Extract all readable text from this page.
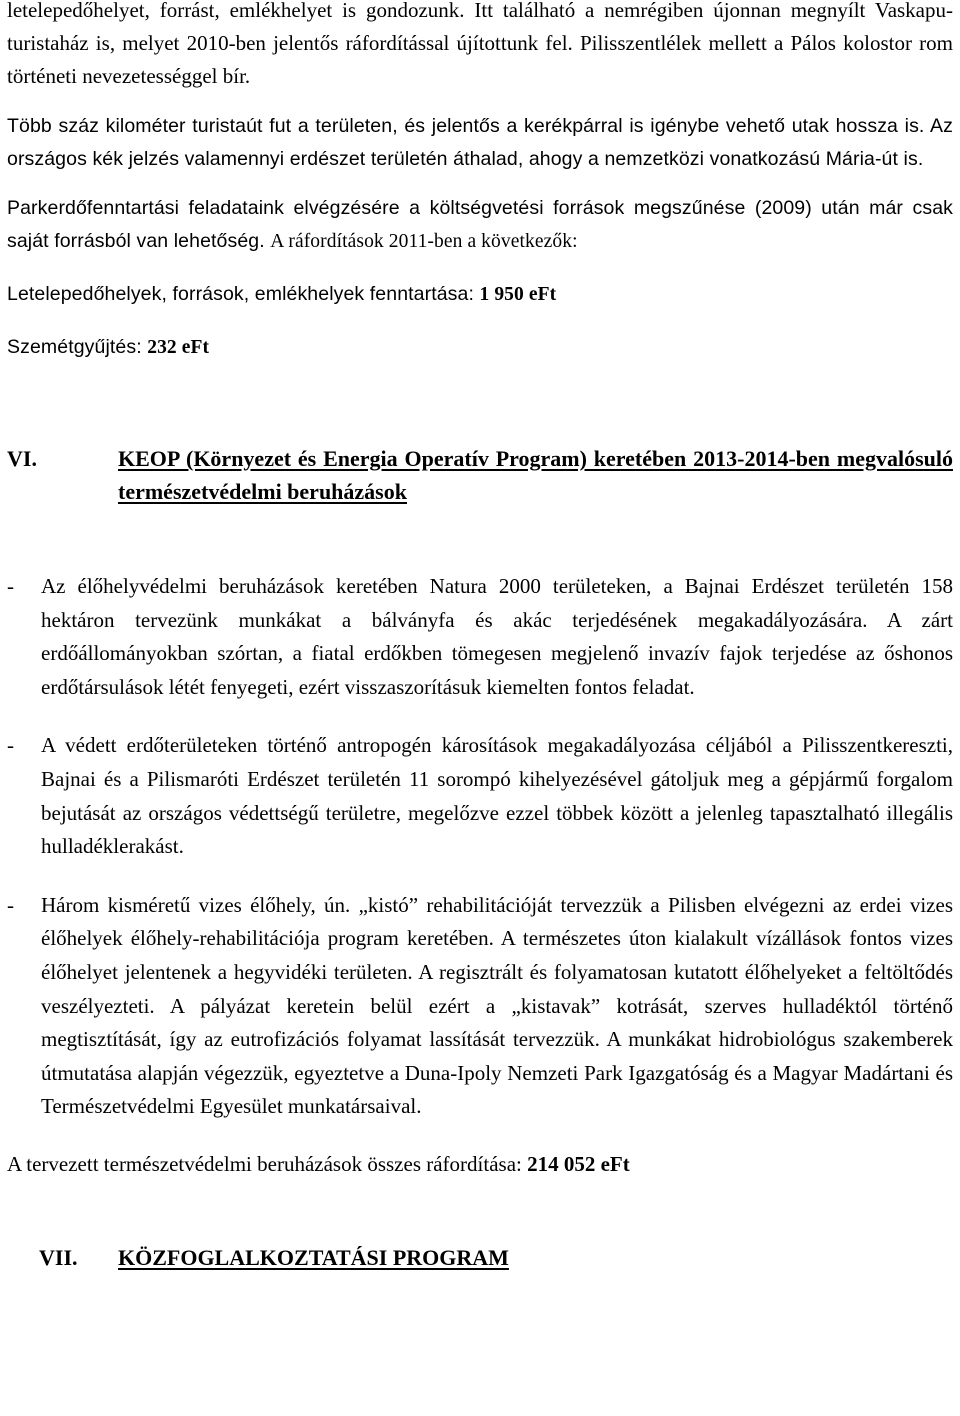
letelepedőhelyet, forrást, emlékhelyet is gondozunk. Itt található a nemrégiben újonnan megnyílt Vaskapu-turistaház is, melyet 2010-ben jelentős ráfordítással újítottunk fel. Pilisszentlélek mellett a Pálos kolostor rom történeti nevezetességgel bír.

Több száz kilométer turistaút fut a területen, és jelentős a kerékpárral is igénybe vehető utak hossza is. Az országos kék jelzés valamennyi erdészet területén áthalad, ahogy a nemzetközi vonatkozású Mária-út is.

Parkerdőfenntartási feladataink elvégzésére a költségvetési források megszűnése (2009) után már csak saját forrásból van lehetőség. A ráfordítások 2011-ben a következők:

Letelepedőhelyek, források, emlékhelyek fenntartása: 1 950 eFt

Szemétgyűjtés: 232 eFt

VI.	KEOP (Környezet és Energia Operatív Program) keretében 2013-2014-ben megvalósuló természetvédelmi beruházások
- Az élőhelyvédelmi beruházások keretében Natura 2000 területeken, a Bajnai Erdészet területén 158 hektáron tervezünk munkákat a bálványfa és akác terjedésének megakadályozására. A zárt erdőállományokban szórtan, a fiatal erdőkben tömegesen megjelenő invazív fajok terjedése az őshonos erdőtársulások létét fenyegeti, ezért visszaszorításuk kiemelten fontos feladat.
- A védett erdőterületeken történő antropogén károsítások megakadályozása céljából a Pilisszentkereszti, Bajnai és a Pilismaróti Erdészet területén 11 sorompó kihelyezésével gátoljuk meg a gépjármű forgalom bejutását az országos védettségű területre, megelőzve ezzel többek között a jelenleg tapasztalható illegális hulladéklerakást.
- Három kisméretű vizes élőhely, ún. „kistó” rehabilitációját tervezzük a Pilisben elvégezni az erdei vizes élőhelyek élőhely-rehabilitációja program keretében. A természetes úton kialakult vízállások fontos vizes élőhelyet jelentenek a hegyvidéki területen. A regisztrált és folyamatosan kutatott élőhelyeket a feltöltődés veszélyezteti. A pályázat keretein belül ezért a „kistavak” kotrását, szerves hulladéktól történő megtisztítását, így az eutrofizációs folyamat lassítását tervezzük. A munkákat hidrobiológus szakemberek útmutatása alapján végezzük, egyeztetve a Duna-Ipoly Nemzeti Park Igazgatóság és a Magyar Madártani és Természetvédelmi Egyesület munkatársaival.

A tervezett természetvédelmi beruházások összes ráfordítása: 214 052 eFt

VII. KÖZFOGLALKOZTATÁSI PROGRAM
